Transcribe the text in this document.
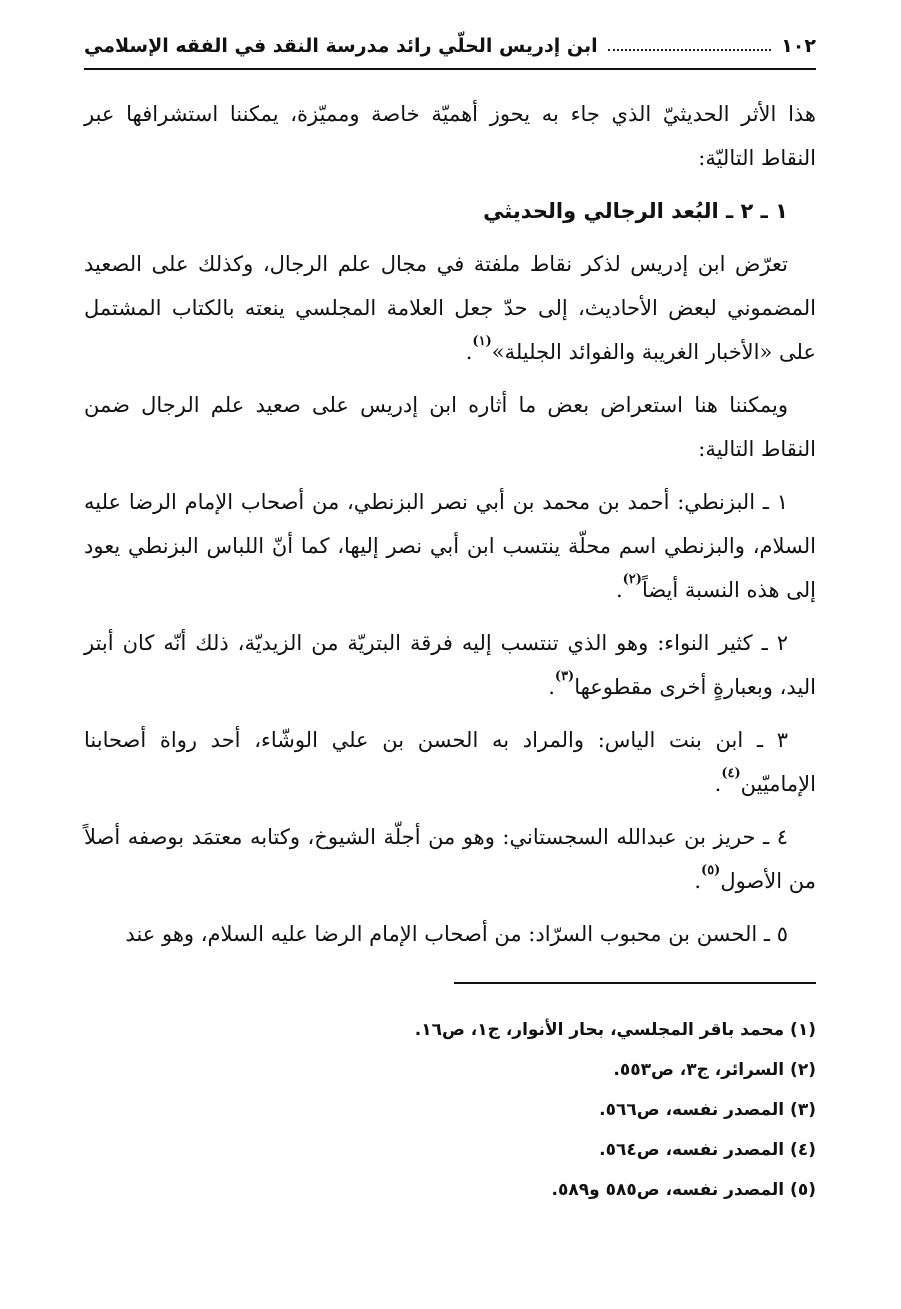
١٠٢
ابن إدريس الحلّي رائد مدرسة النقد في الفقه الإسلامي

هذا الأثر الحديثيّ الذي جاء به يحوز أهميّة خاصة ومميّزة، يمكننا استشرافها عبر النقاط التاليّة:

١ ـ ٢ ـ البُعد الرجالي والحديثي

تعرّض ابن إدريس لذكر نقاط ملفتة في مجال علم الرجال، وكذلك على الصعيد المضموني لبعض الأحاديث، إلى حدّ جعل العلامة المجلسي ينعته بالكتاب المشتمل على «الأخبار الغريبة والفوائد الجليلة»$^{(١)}$.

ويمكننا هنا استعراض بعض ما أثاره ابن إدريس على صعيد علم الرجال ضمن النقاط التالية:

١ ـ البزنطي: أحمد بن محمد بن أبي نصر البزنطي، من أصحاب الإمام الرضا عليه السلام، والبزنطي اسم محلّة ينتسب ابن أبي نصر إليها، كما أنّ اللباس البزنطي يعود إلى هذه النسبة أيضاً$^{(٢)}$.

٢ ـ كثير النواء: وهو الذي تنتسب إليه فرقة البتريّة من الزيديّة، ذلك أنّه كان أبتر اليد، وبعبارةٍ أخرى مقطوعها$^{(٣)}$.

٣ ـ ابن بنت الياس: والمراد به الحسن بن علي الوشّاء، أحد رواة أصحابنا الإماميّين$^{(٤)}$.

٤ ـ حريز بن عبدالله السجستاني: وهو من أجلّة الشيوخ، وكتابه معتمَد بوصفه أصلاً من الأصول$^{(٥)}$.

٥ ـ الحسن بن محبوب السرّاد: من أصحاب الإمام الرضا عليه السلام، وهو عند

(١) محمد باقر المجلسي، بحار الأنوار، ج١، ص١٦.
(٢) السرائر، ج٣، ص٥٥٣.
(٣) المصدر نفسه، ص٥٦٦.
(٤) المصدر نفسه، ص٥٦٤.
(٥) المصدر نفسه، ص٥٨٥ و٥٨٩.
